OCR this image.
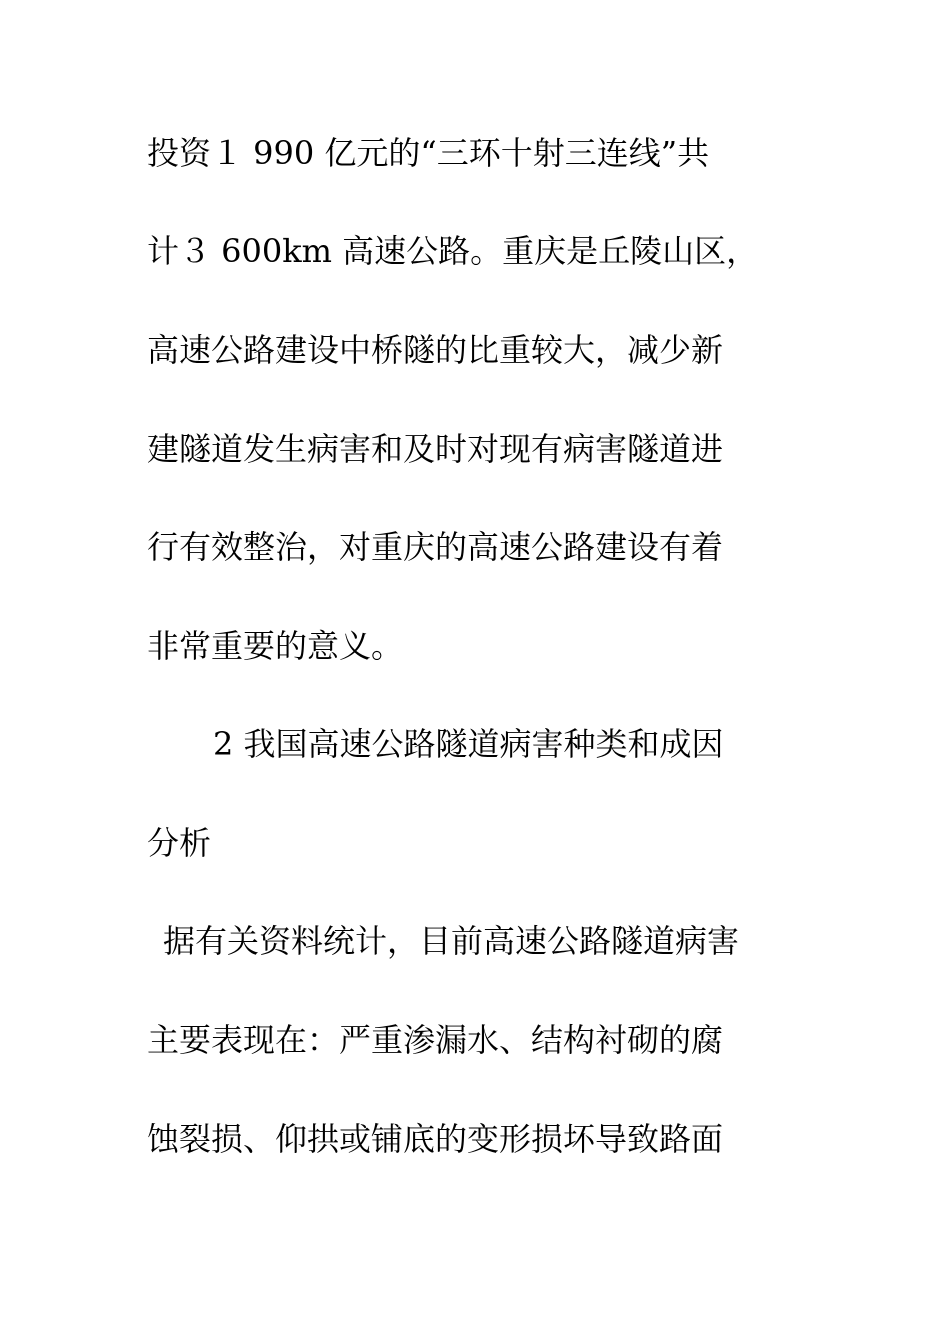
投资１ 990 亿元的“三环十射三连线”共
计３ 600km 高速公路。重庆是丘陵山区，
高速公路建设中桥隧的比重较大，减少新
建隧道发生病害和及时对现有病害隧道进
行有效整治，对重庆的高速公路建设有着
非常重要的意义。
2 我国高速公路隧道病害种类和成因
分析
据有关资料统计，目前高速公路隧道病害
主要表现在：严重渗漏水、结构衬砌的腐
蚀裂损、仰拱或铺底的变形损坏导致路面
